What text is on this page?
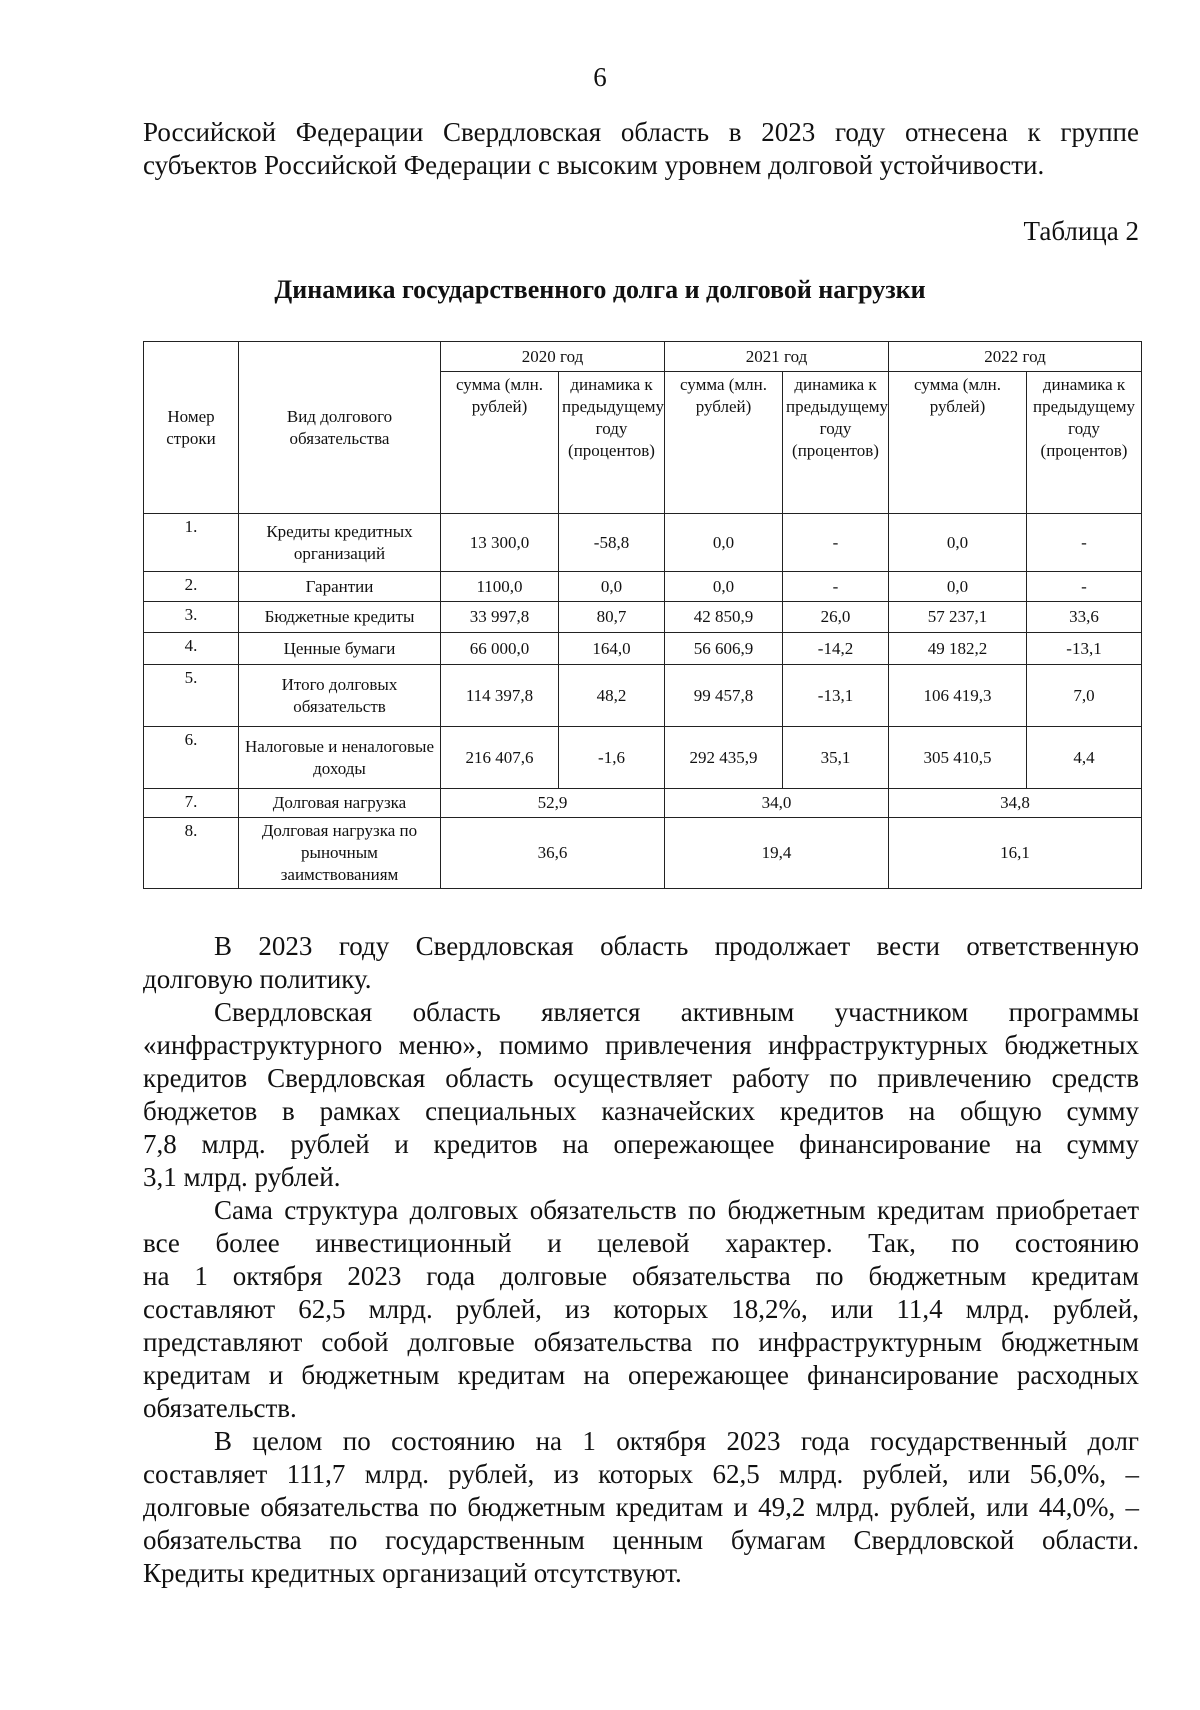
6
Российской Федерации Свердловская область в 2023 году отнесена к группе
субъектов Российской Федерации с высоким уровнем долговой устойчивости.
Таблица 2
Динамика государственного долга и долговой нагрузки
Номер строки	Вид долгового обязательства	2020 год		2021 год		2022 год	
		сумма (млн. рублей)	динамика к предыдущему году (процентов)	сумма (млн. рублей)	динамика к предыдущему году (процентов)	сумма (млн. рублей)	динамика к предыдущему году (процентов)
1.	Кредиты кредитных организаций	13 300,0	-58,8	0,0	-	0,0	-
2.	Гарантии	1100,0	0,0	0,0	-	0,0	-
3.	Бюджетные кредиты	33 997,8	80,7	42 850,9	26,0	57 237,1	33,6
4.	Ценные бумаги	66 000,0	164,0	56 606,9	-14,2	49 182,2	-13,1
5.	Итого долговых обязательств	114 397,8	48,2	99 457,8	-13,1	106 419,3	7,0
6.	Налоговые и неналоговые доходы	216 407,6	-1,6	292 435,9	35,1	305 410,5	4,4
7.	Долговая нагрузка	52,9		34,0		34,8	
8.	Долговая нагрузка по рыночным заимствованиям	36,6		19,4		16,1	
В 2023 году Свердловская область продолжает вести ответственную
долговую политику.
Свердловская область является активным участником программы
«инфраструктурного меню», помимо привлечения инфраструктурных бюджетных
кредитов Свердловская область осуществляет работу по привлечению средств
бюджетов в рамках специальных казначейских кредитов на общую сумму
7,8 млрд. рублей и кредитов на опережающее финансирование на сумму
3,1 млрд. рублей.
Сама структура долговых обязательств по бюджетным кредитам приобретает
все более инвестиционный и целевой характер. Так, по состоянию
на 1 октября 2023 года долговые обязательства по бюджетным кредитам
составляют 62,5 млрд. рублей, из которых 18,2%, или 11,4 млрд. рублей,
представляют собой долговые обязательства по инфраструктурным бюджетным
кредитам и бюджетным кредитам на опережающее финансирование расходных
обязательств.
В целом по состоянию на 1 октября 2023 года государственный долг
составляет 111,7 млрд. рублей, из которых 62,5 млрд. рублей, или 56,0%, –
долговые обязательства по бюджетным кредитам и 49,2 млрд. рублей, или 44,0%, –
обязательства по государственным ценным бумагам Свердловской области.
Кредиты кредитных организаций отсутствуют.
